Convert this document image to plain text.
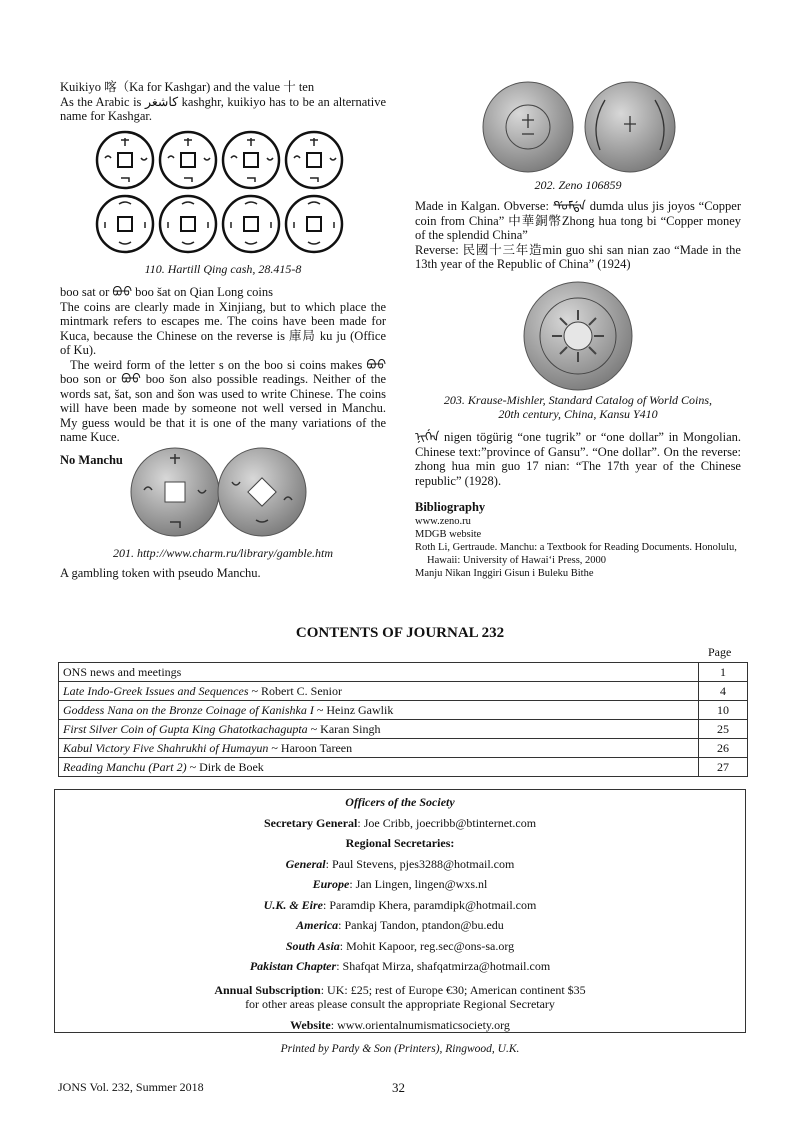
Kuikiyo 喀（Ka for Kashgar) and the value 十 ten

As the Arabic is کاشغر kashghr, kuikiyo has to be an alternative name for Kashgar.

110. Hartill Qing cash, 28.415-8

boo sat or ᠪᠣᠣ boo šat on Qian Long coins

The coins are clearly made in Xinjiang, but to which place the mintmark refers to escapes me. The coins have been made for Kuca, because the Chinese on the reverse is 庫局 ku ju (Office of Ku).

The weird form of the letter s on the boo si coins makes ᠪᠣᠣ boo son or ᠪᠣᠣ boo šon also possible readings. Neither of the words sat, šat, son and šon was used to write Chinese. The coins will have been made by someone not well versed in Manchu. My guess would be that it is one of the many variations of the name Kuce.

No Manchu

201. http://www.charm.ru/library/gamble.htm

A gambling token with pseudo Manchu.

202. Zeno 106859

Made in Kalgan. Obverse: ᡩᡠᠮᡩᠠ dumda ulus jis joyos “Copper coin from China” 中華銅幣Zhong hua tong bi “Copper money of the splendid China”

Reverse: 民國十三年造min guo shi san nian zao “Made in the 13th year of the Republic of China” (1924)

203. Krause-Mishler, Standard Catalog of World Coins,
20th century, China, Kansu Y410

ᠨᡳᡤᡝᠨ nigen tögürig “one tugrik” or “one dollar” in Mongolian. Chinese text:”province of Gansu”. “One dollar”. On the reverse: zhong hua min guo 17 nian: “The 17th year of the Chinese republic” (1928).

Bibliography

www.zeno.ru

MDGB website

Roth Li, Gertraude. Manchu: a Textbook for Reading Documents. Honolulu, Hawaii: University of Hawai‘i Press, 2000

Manju Nikan Inggiri Gisun i Buleku Bithe

CONTENTS OF JOURNAL 232
Page
ONS news and meetings	1
Late Indo-Greek Issues and Sequences ~ Robert C. Senior	4
Goddess Nana on the Bronze Coinage of Kanishka I ~ Heinz Gawlik	10
First Silver Coin of Gupta King Ghatotkachagupta ~ Karan Singh	25
Kabul Victory Five Shahrukhi of Humayun ~ Haroon Tareen	26
Reading Manchu (Part 2) ~ Dirk de Boek	27

Officers of the Society

Secretary General: Joe Cribb, joecribb@btinternet.com

Regional Secretaries:

General: Paul Stevens, pjes3288@hotmail.com

Europe: Jan Lingen, lingen@wxs.nl

U.K. & Eire: Paramdip Khera, paramdipk@hotmail.com

America: Pankaj Tandon, ptandon@bu.edu

South Asia: Mohit Kapoor, reg.sec@ons-sa.org

Pakistan Chapter: Shafqat Mirza, shafqatmirza@hotmail.com

Annual Subscription: UK: £25; rest of Europe €30; American continent $35

for other areas please consult the appropriate Regional Secretary

Website: www.orientalnumismaticsociety.org

Printed by Pardy & Son (Printers), Ringwood, U.K.
JONS Vol. 232, Summer 2018	32
